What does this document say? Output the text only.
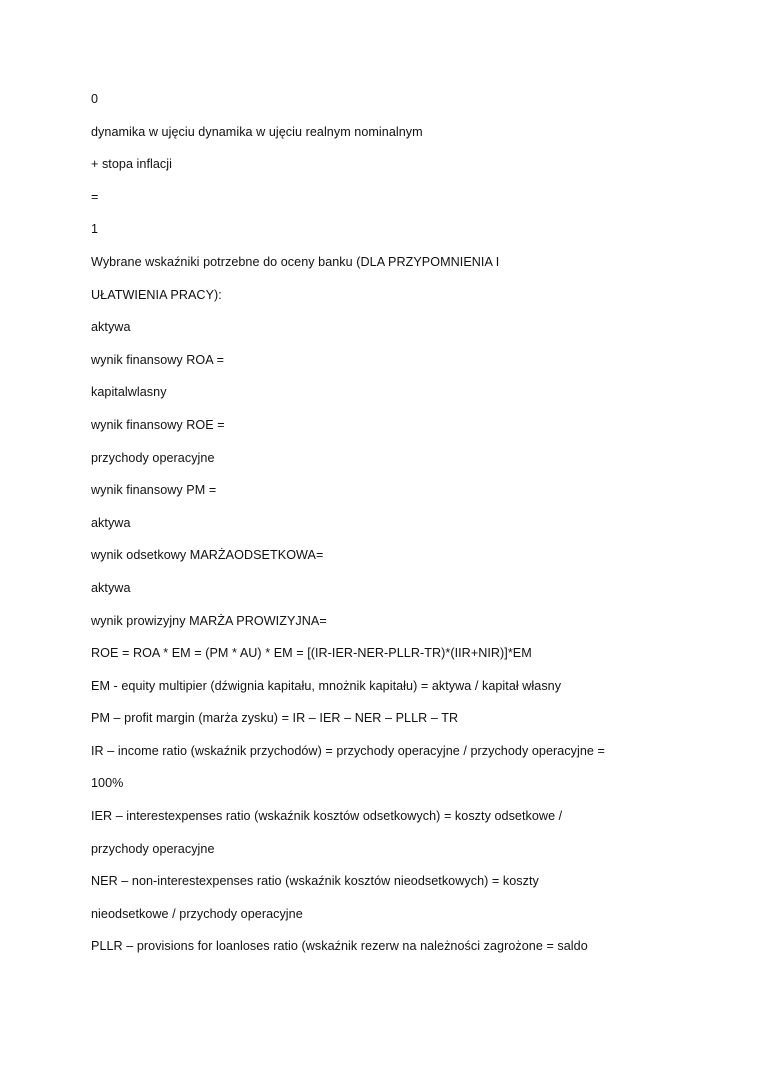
0
dynamika w ujęciu dynamika w ujęciu realnym nominalnym
+ stopa inflacji
=
1
Wybrane wskaźniki potrzebne do oceny banku (DLA PRZYPOMNIENIA I
UŁATWIENIA PRACY):
aktywa
wynik finansowy ROA =
kapitalwlasny
wynik finansowy ROE =
przychody operacyjne
wynik finansowy PM =
aktywa
wynik odsetkowy MARŻAODSETKOWA=
aktywa
wynik prowizyjny MARŻA PROWIZYJNA=
ROE = ROA * EM = (PM * AU) * EM = [(IR-IER-NER-PLLR-TR)*(IIR+NIR)]*EM
EM - equity multipier (dźwignia kapitału, mnożnik kapitału) = aktywa / kapitał własny
PM – profit margin (marża zysku) = IR – IER – NER – PLLR – TR
IR – income ratio (wskaźnik przychodów) = przychody operacyjne / przychody operacyjne =
100%
IER – interestexpenses ratio (wskaźnik kosztów odsetkowych) = koszty odsetkowe /
przychody operacyjne
NER – non-interestexpenses ratio (wskaźnik kosztów nieodsetkowych) = koszty
nieodsetkowe / przychody operacyjne
PLLR – provisions for loanloses ratio (wskaźnik rezerw na należności zagrożone = saldo
